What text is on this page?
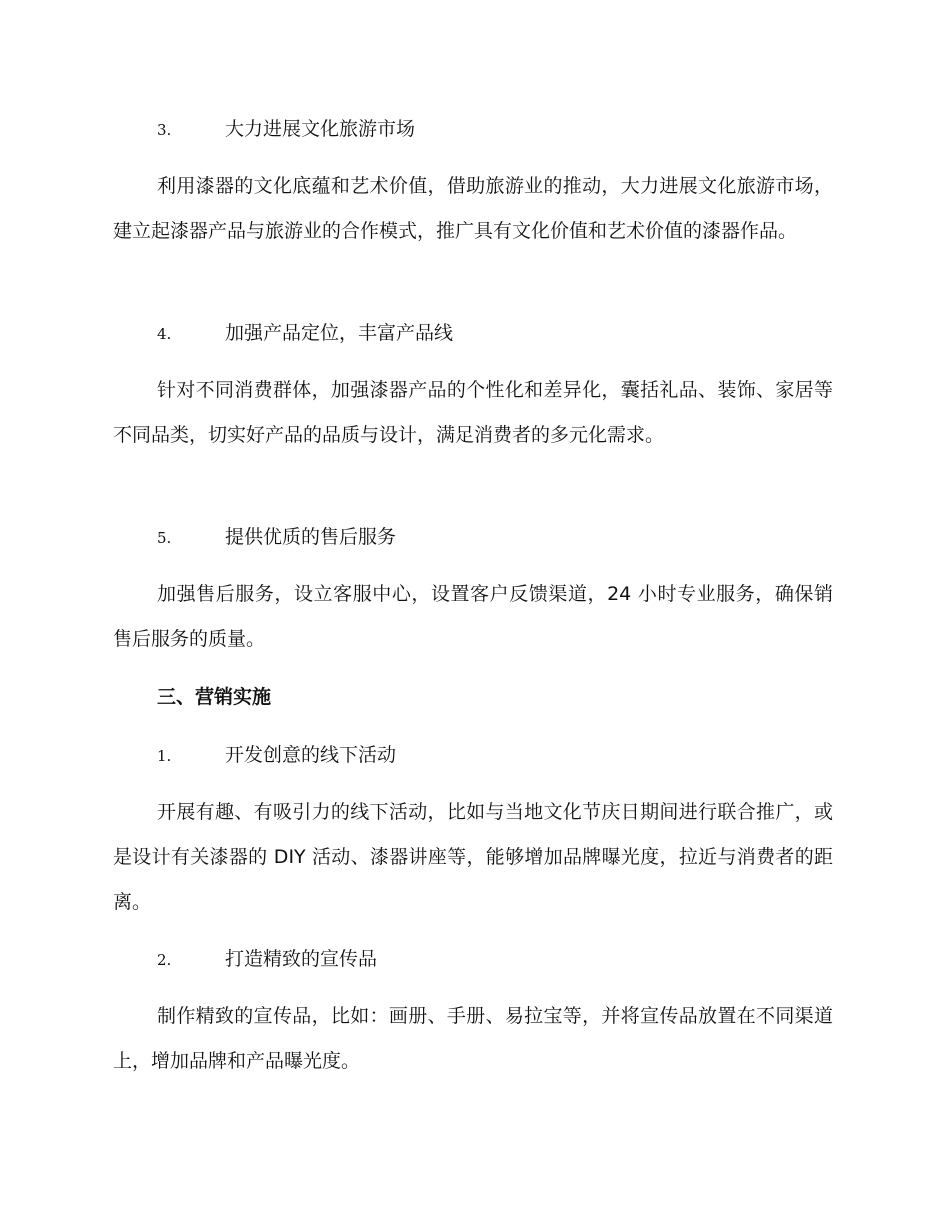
3.	大力进展文化旅游市场

利用漆器的文化底蕴和艺术价值，借助旅游业的推动，大力进展文化旅游市场，建立起漆器产品与旅游业的合作模式，推广具有文化价值和艺术价值的漆器作品。

4.	加强产品定位，丰富产品线

针对不同消费群体，加强漆器产品的个性化和差异化，囊括礼品、装饰、家居等不同品类，切实好产品的品质与设计，满足消费者的多元化需求。

5.	提供优质的售后服务

加强售后服务，设立客服中心，设置客户反馈渠道，24 小时专业服务，确保销售后服务的质量。

三、营销实施
1.	开发创意的线下活动

开展有趣、有吸引力的线下活动，比如与当地文化节庆日期间进行联合推广，或是设计有关漆器的 DIY 活动、漆器讲座等，能够增加品牌曝光度，拉近与消费者的距离。

2.	打造精致的宣传品

制作精致的宣传品，比如：画册、手册、易拉宝等，并将宣传品放置在不同渠道上，增加品牌和产品曝光度。
